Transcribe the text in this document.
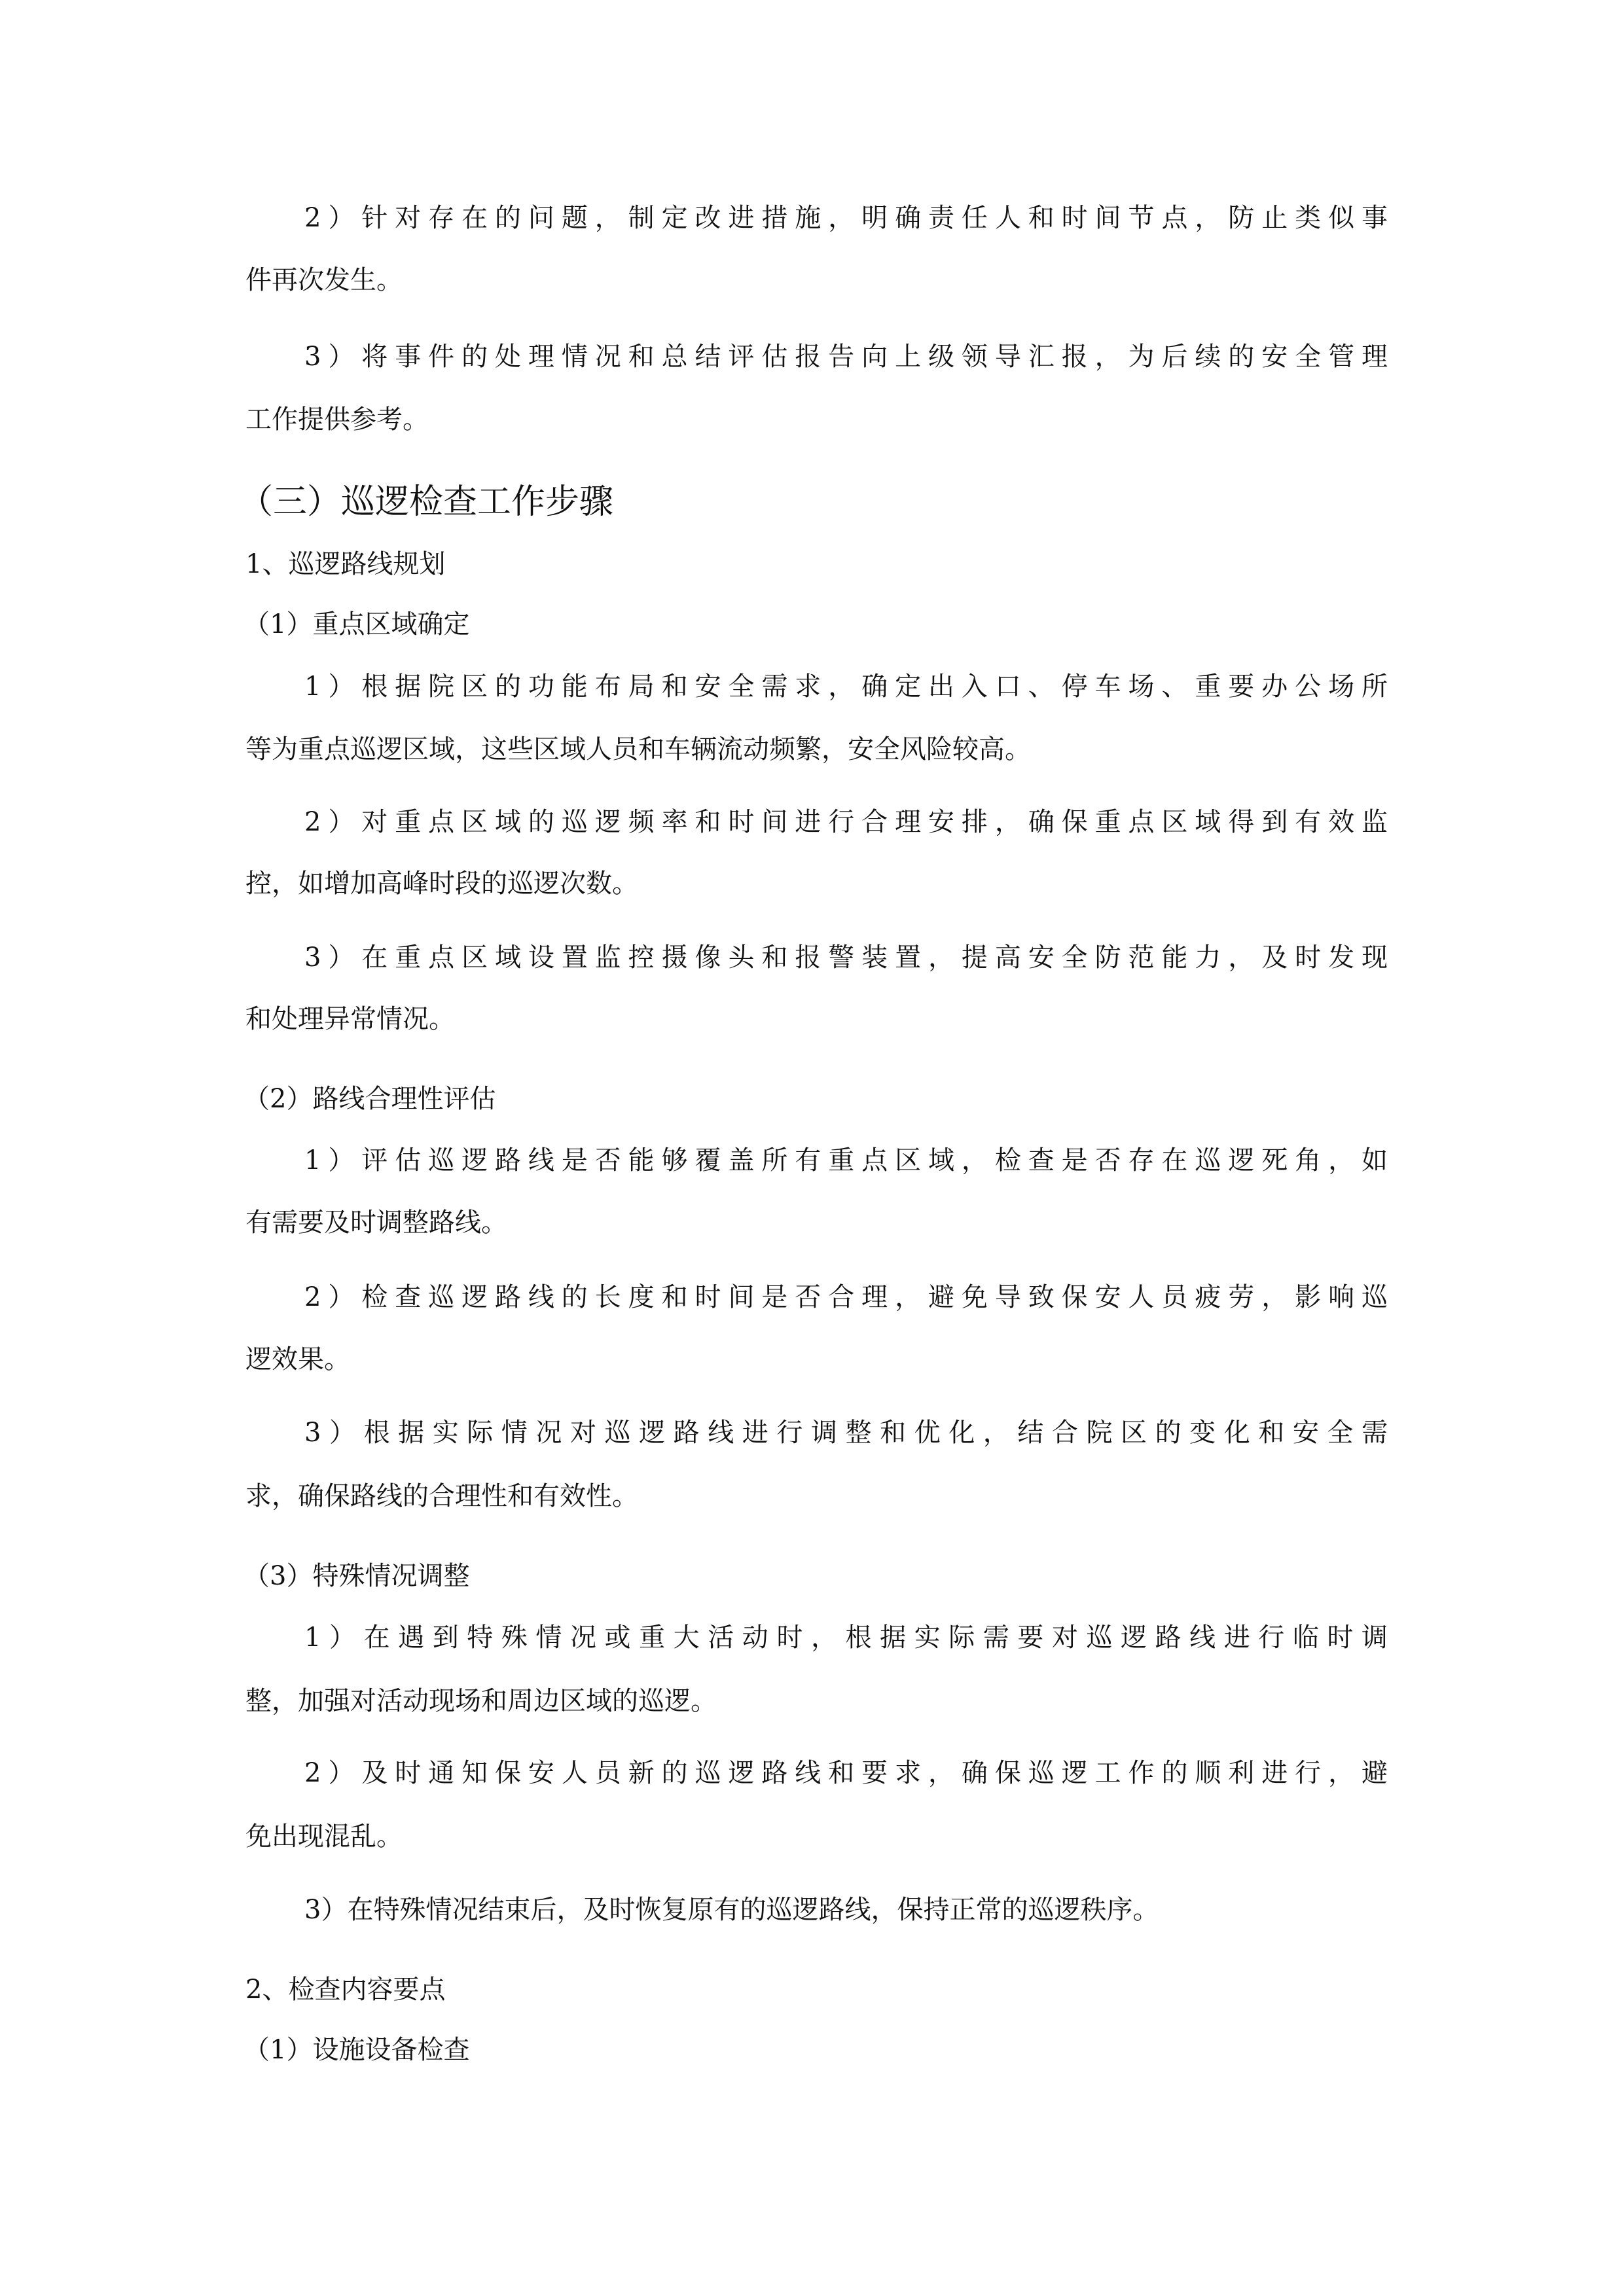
2）针对存在的问题，制定改进措施，明确责任人和时间节点，防止类似事
件再次发生。
3）将事件的处理情况和总结评估报告向上级领导汇报，为后续的安全管理
工作提供参考。
（三）巡逻检查工作步骤
1、巡逻路线规划
（1）重点区域确定
1）根据院区的功能布局和安全需求，确定出入口、停车场、重要办公场所
等为重点巡逻区域，这些区域人员和车辆流动频繁，安全风险较高。
2）对重点区域的巡逻频率和时间进行合理安排，确保重点区域得到有效监
控，如增加高峰时段的巡逻次数。
3）在重点区域设置监控摄像头和报警装置，提高安全防范能力，及时发现
和处理异常情况。
（2）路线合理性评估
1）评估巡逻路线是否能够覆盖所有重点区域，检查是否存在巡逻死角，如
有需要及时调整路线。
2）检查巡逻路线的长度和时间是否合理，避免导致保安人员疲劳，影响巡
逻效果。
3）根据实际情况对巡逻路线进行调整和优化，结合院区的变化和安全需
求，确保路线的合理性和有效性。
（3）特殊情况调整
1）在遇到特殊情况或重大活动时，根据实际需要对巡逻路线进行临时调
整，加强对活动现场和周边区域的巡逻。
2）及时通知保安人员新的巡逻路线和要求，确保巡逻工作的顺利进行，避
免出现混乱。
3）在特殊情况结束后，及时恢复原有的巡逻路线，保持正常的巡逻秩序。
2、检查内容要点
（1）设施设备检查
